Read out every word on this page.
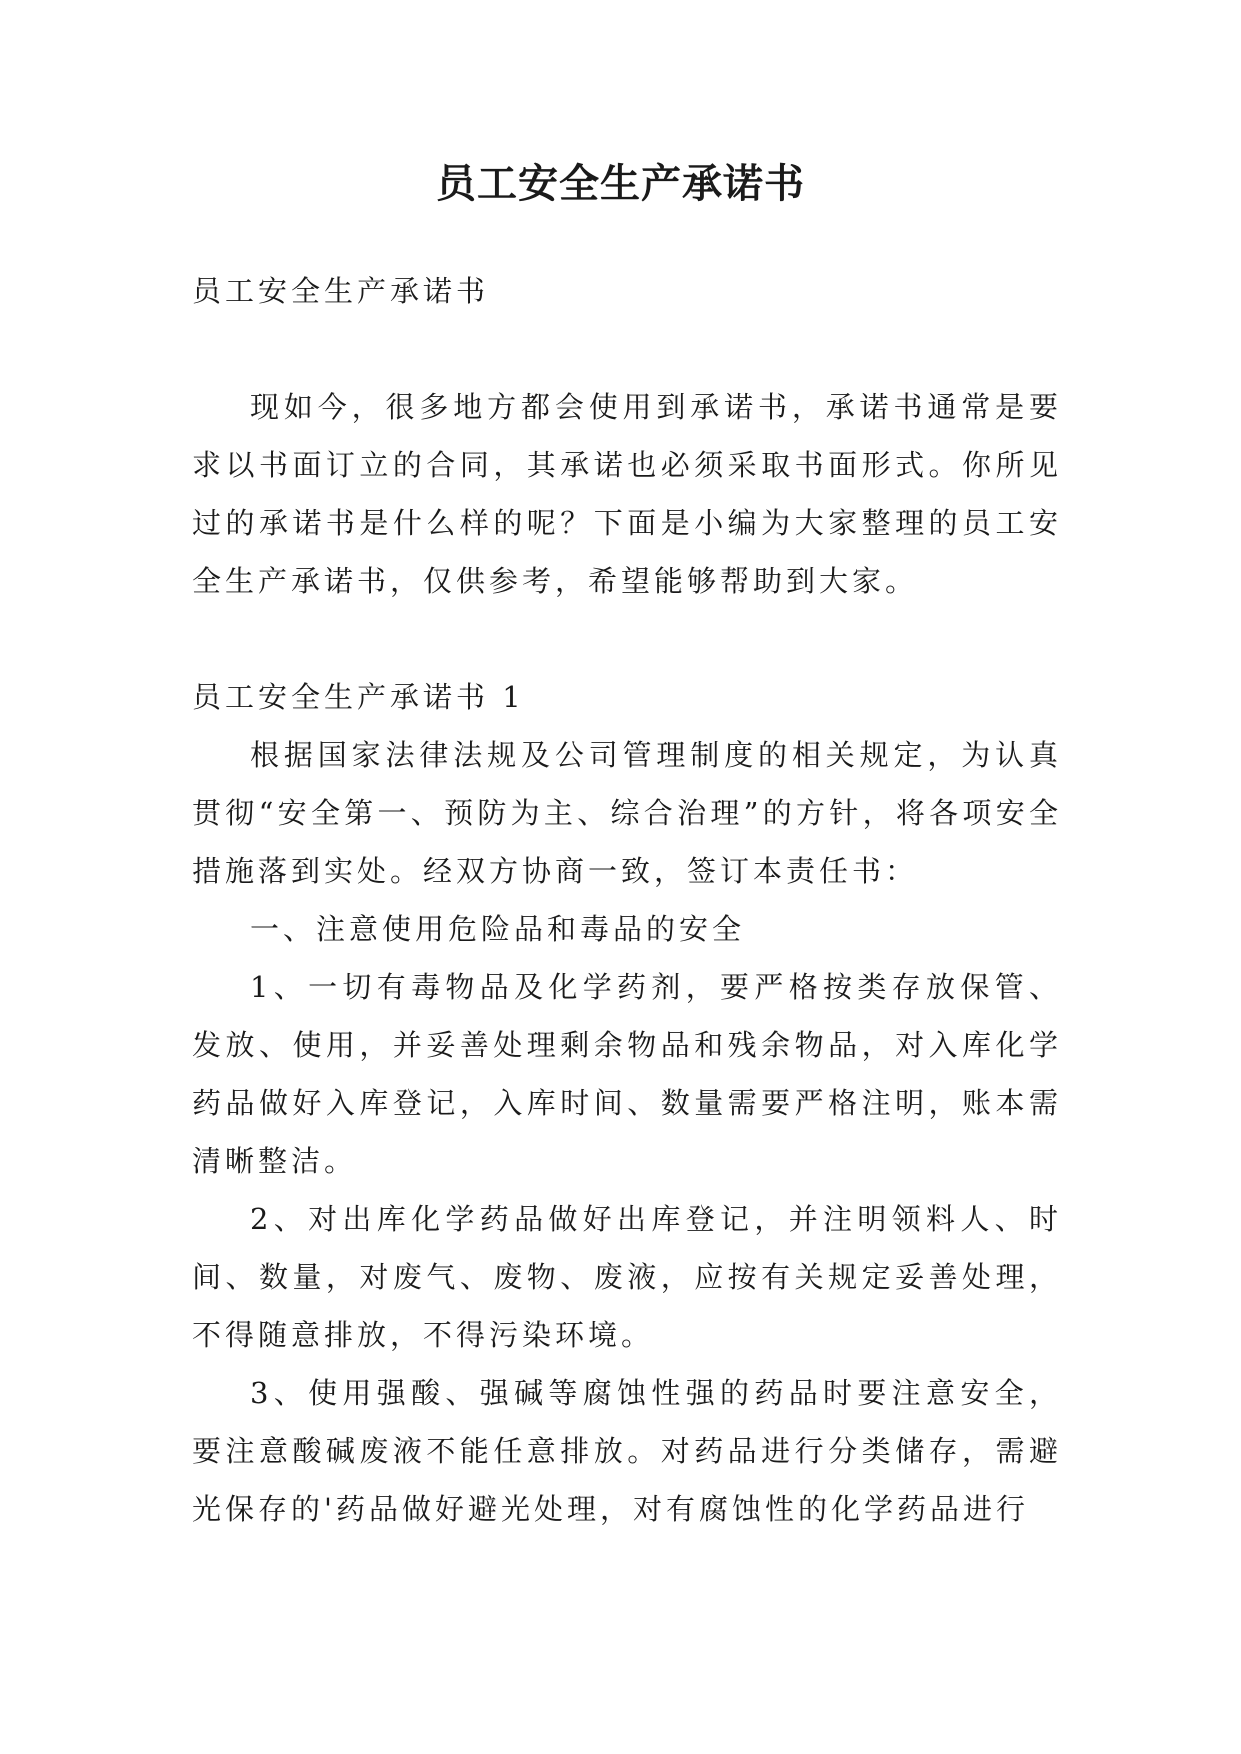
员工安全生产承诺书

员工安全生产承诺书

现如今，很多地方都会使用到承诺书，承诺书通常是要求以书面订立的合同，其承诺也必须采取书面形式。你所见过的承诺书是什么样的呢？下面是小编为大家整理的员工安全生产承诺书，仅供参考，希望能够帮助到大家。

员工安全生产承诺书 1

根据国家法律法规及公司管理制度的相关规定，为认真贯彻“安全第一、预防为主、综合治理”的方针，将各项安全措施落到实处。经双方协商一致，签订本责任书：

一、注意使用危险品和毒品的安全

1、一切有毒物品及化学药剂，要严格按类存放保管、发放、使用，并妥善处理剩余物品和残余物品，对入库化学药品做好入库登记，入库时间、数量需要严格注明，账本需清晰整洁。

2、对出库化学药品做好出库登记，并注明领料人、时间、数量，对废气、废物、废液，应按有关规定妥善处理，不得随意排放，不得污染环境。

3、使用强酸、强碱等腐蚀性强的药品时要注意安全，要注意酸碱废液不能任意排放。对药品进行分类储存，需避光保存的'药品做好避光处理，对有腐蚀性的化学药品进行
